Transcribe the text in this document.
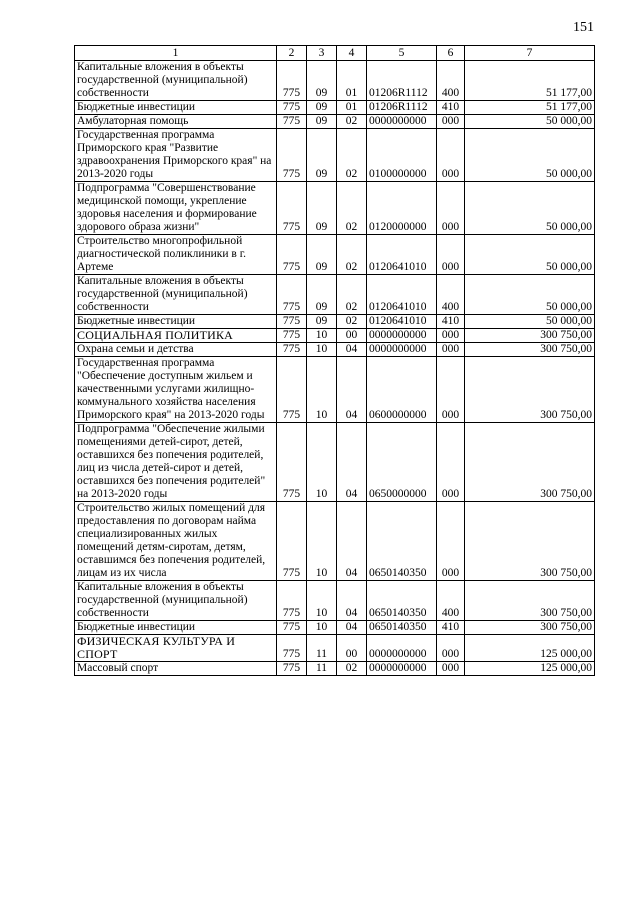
151
1	2	3	4	5	6	7
Капитальные вложения в объекты государственной (муниципальной) собственности	775	09	01	01206R1112	400	51 177,00
Бюджетные инвестиции	775	09	01	01206R1112	410	51 177,00
Амбулаторная помощь	775	09	02	0000000000	000	50 000,00
Государственная программа Приморского края "Развитие здравоохранения Приморского края" на 2013-2020 годы	775	09	02	0100000000	000	50 000,00
Подпрограмма "Совершенствование медицинской помощи, укрепление здоровья населения и формирование здорового образа жизни"	775	09	02	0120000000	000	50 000,00
Строительство многопрофильной диагностической поликлиники в г. Артеме	775	09	02	0120641010	000	50 000,00
Капитальные вложения в объекты государственной (муниципальной) собственности	775	09	02	0120641010	400	50 000,00
Бюджетные инвестиции	775	09	02	0120641010	410	50 000,00
СОЦИАЛЬНАЯ ПОЛИТИКА	775	10	00	0000000000	000	300 750,00
Охрана семьи и детства	775	10	04	0000000000	000	300 750,00
Государственная программа "Обеспечение доступным жильем и качественными услугами жилищно-коммунального хозяйства населения Приморского края" на 2013-2020 годы	775	10	04	0600000000	000	300 750,00
Подпрограмма "Обеспечение жилыми помещениями детей-сирот, детей, оставшихся без попечения родителей, лиц из числа детей-сирот и детей, оставшихся без попечения родителей" на 2013-2020 годы	775	10	04	0650000000	000	300 750,00
Строительство жилых помещений для предоставления по договорам найма специализированных жилых помещений детям-сиротам, детям, оставшимся без попечения родителей, лицам из их числа	775	10	04	0650140350	000	300 750,00
Капитальные вложения в объекты государственной (муниципальной) собственности	775	10	04	0650140350	400	300 750,00
Бюджетные инвестиции	775	10	04	0650140350	410	300 750,00
ФИЗИЧЕСКАЯ КУЛЬТУРА И СПОРТ	775	11	00	0000000000	000	125 000,00
Массовый спорт	775	11	02	0000000000	000	125 000,00
